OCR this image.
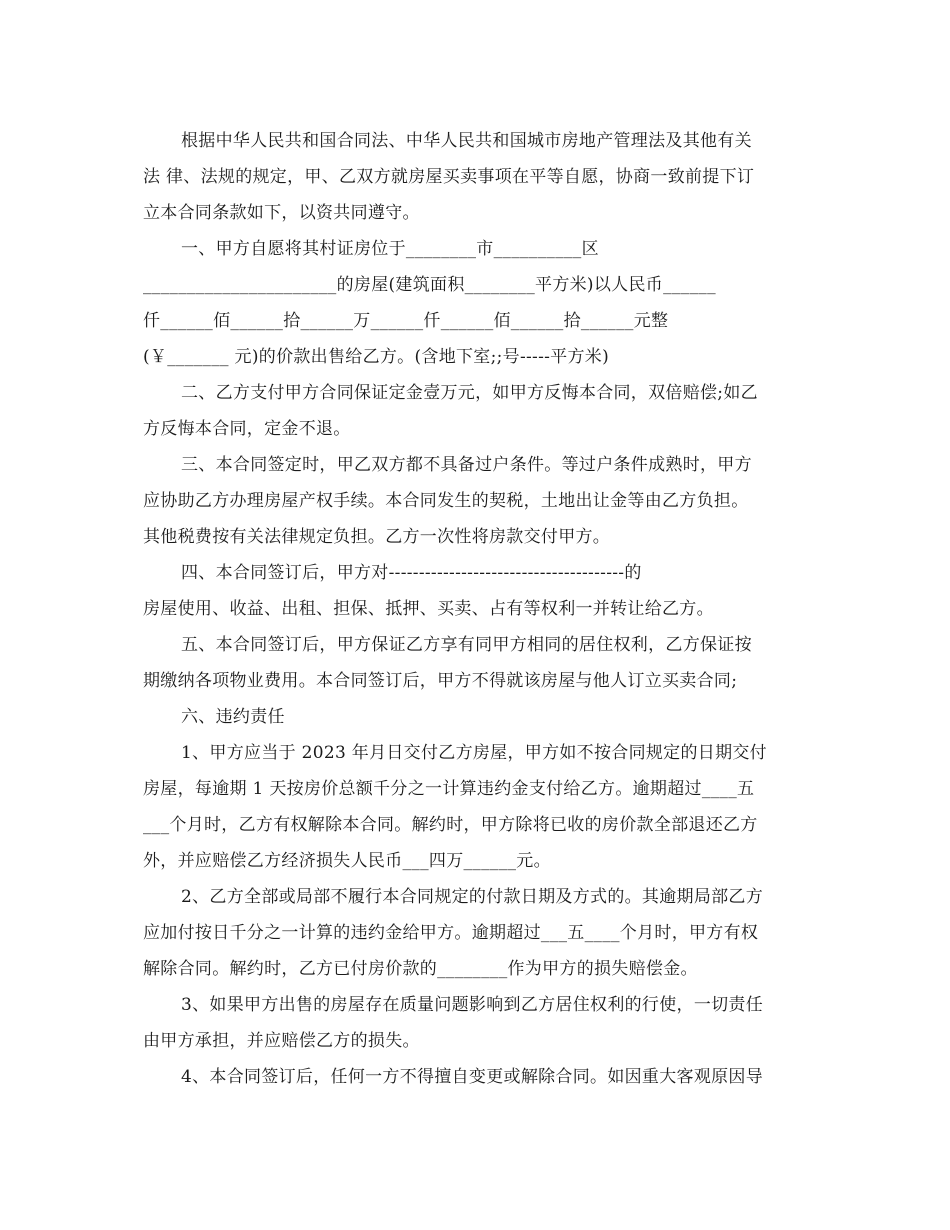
根据中华人民共和国合同法、中华人民共和国城市房地产管理法及其他有关
法 律、法规的规定，甲、乙双方就房屋买卖事项在平等自愿，协商一致前提下订
立本合同条款如下，以资共同遵守。
一、甲方自愿将其村证房位于________市__________区
______________________的房屋(建筑面积________平方米)以人民币______
仟______佰______拾______万______仟______佰______拾______元整
(￥_______ 元)的价款出售给乙方。(含地下室;;号-----平方米)
二、乙方支付甲方合同保证定金壹万元，如甲方反悔本合同，双倍赔偿;如乙
方反悔本合同，定金不退。
三、本合同签定时，甲乙双方都不具备过户条件。等过户条件成熟时，甲方
应协助乙方办理房屋产权手续。本合同发生的契税，土地出让金等由乙方负担。
其他税费按有关法律规定负担。乙方一次性将房款交付甲方。
四、本合同签订后，甲方对---------------------------------------的
房屋使用、收益、出租、担保、抵押、买卖、占有等权利一并转让给乙方。
五、本合同签订后，甲方保证乙方享有同甲方相同的居住权利，乙方保证按
期缴纳各项物业费用。本合同签订后，甲方不得就该房屋与他人订立买卖合同;
六、违约责任
1、甲方应当于 2023 年月日交付乙方房屋，甲方如不按合同规定的日期交付
房屋，每逾期 1 天按房价总额千分之一计算违约金支付给乙方。逾期超过____五
___个月时，乙方有权解除本合同。解约时，甲方除将已收的房价款全部退还乙方
外，并应赔偿乙方经济损失人民币___四万______元。
2、乙方全部或局部不履行本合同规定的付款日期及方式的。其逾期局部乙方
应加付按日千分之一计算的违约金给甲方。逾期超过___五____个月时，甲方有权
解除合同。解约时，乙方已付房价款的________作为甲方的损失赔偿金。
3、如果甲方出售的房屋存在质量问题影响到乙方居住权利的行使，一切责任
由甲方承担，并应赔偿乙方的损失。
4、本合同签订后，任何一方不得擅自变更或解除合同。如因重大客观原因导
